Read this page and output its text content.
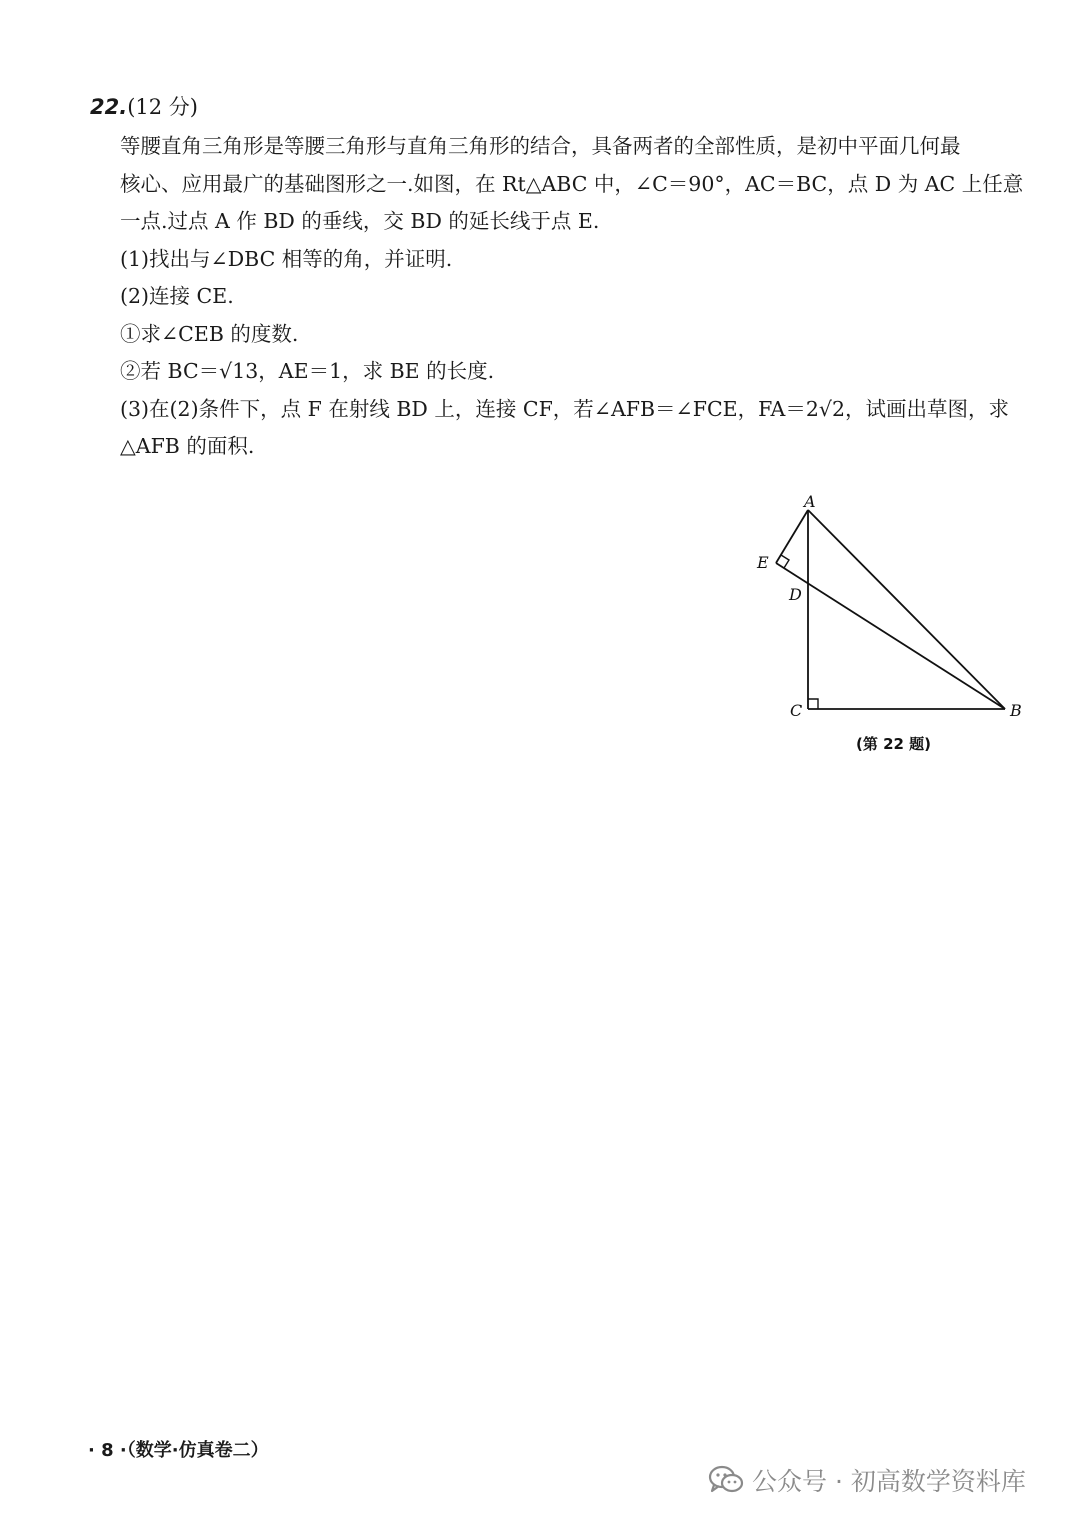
22.(12 分)
等腰直角三角形是等腰三角形与直角三角形的结合，具备两者的全部性质，是初中平面几何最
核心、应用最广的基础图形之一.如图，在 Rt△ABC 中，∠C＝90°，AC＝BC，点 D 为 AC 上任意
一点.过点 A 作 BD 的垂线，交 BD 的延长线于点 E.
(1)找出与∠DBC 相等的角，并证明.
(2)连接 CE.
①求∠CEB 的度数.
②若 BC＝√13，AE＝1，求 BE 的长度.
(3)在(2)条件下，点 F 在射线 BD 上，连接 CF，若∠AFB＝∠FCE，FA＝2√2，试画出草图，求
△AFB 的面积.
A
B
C
D
E
(第 22 题)
· 8 ·（数学·仿真卷二）
公众号 · 初高数学资料库
